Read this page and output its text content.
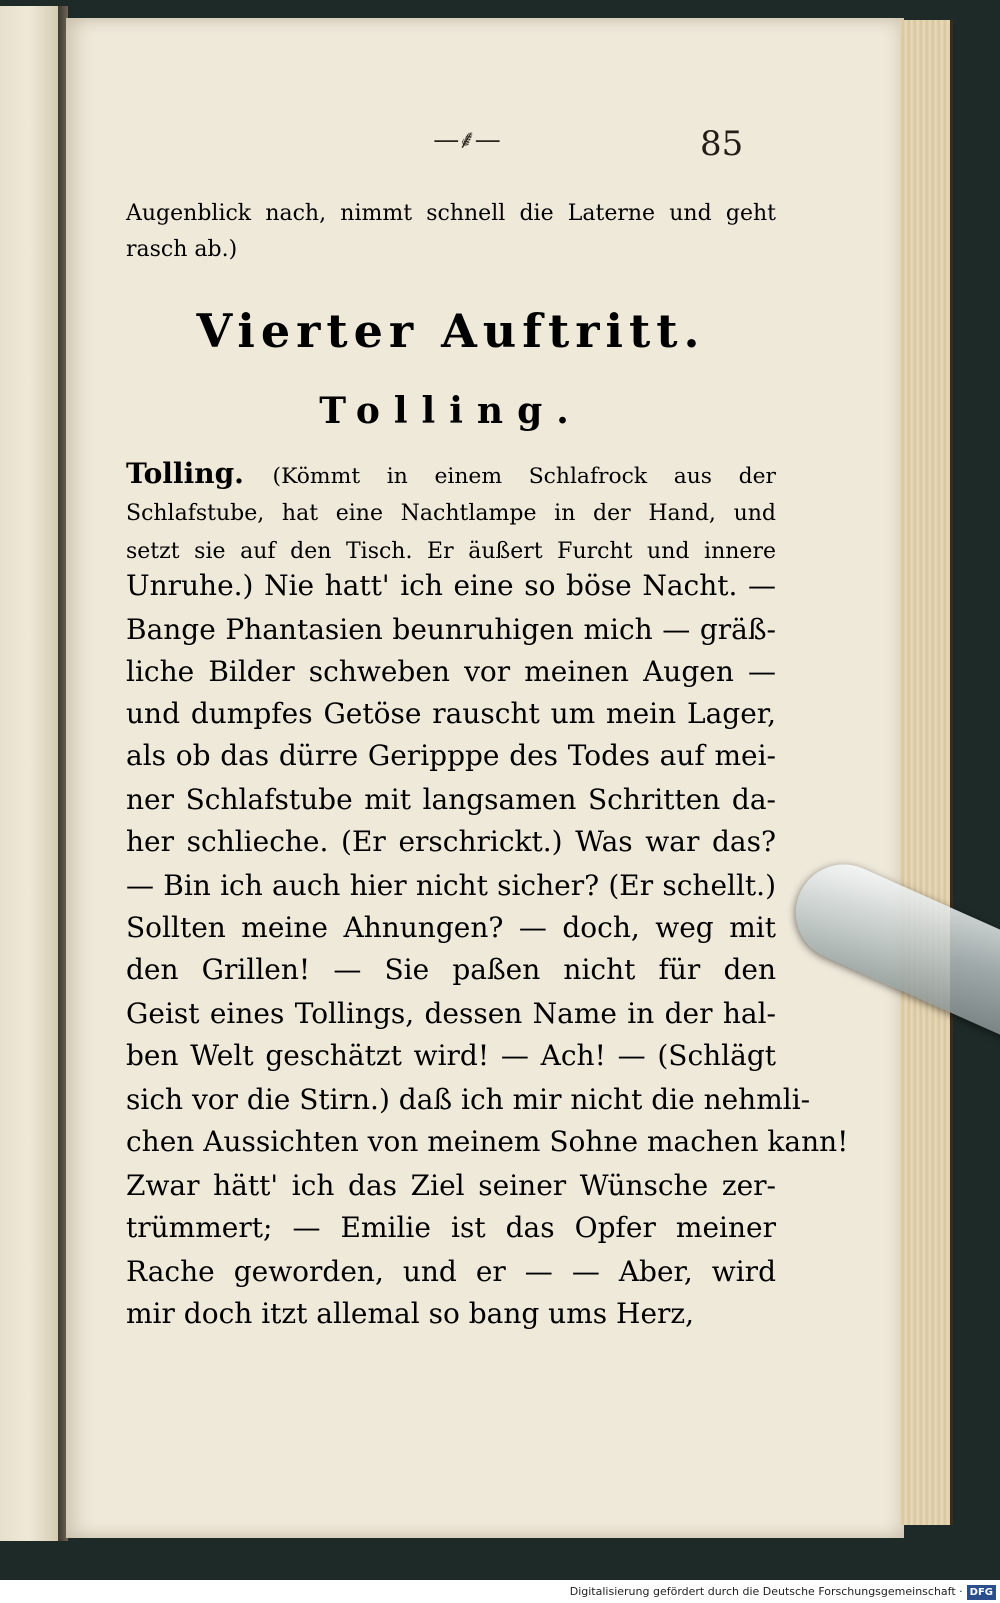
—⸙—	85
Augenblick nach, nimmt schnell die Laterne und geht
rasch ab.)
Vierter Auftritt.
Tolling.
Tolling. (Kömmt in einem Schlafrock aus der
Schlafstube, hat eine Nachtlampe in der Hand, und
setzt sie auf den Tisch. Er äußert Furcht und innere
Unruhe.) Nie hatt' ich eine so böse Nacht. —
Bange Phantasien beunruhigen mich — gräß-
liche Bilder schweben vor meinen Augen —
und dumpfes Getöse rauscht um mein Lager,
als ob das dürre Geripppe des Todes auf mei-
ner Schlafstube mit langsamen Schritten da-
her schlieche. (Er erschrickt.) Was war das?
— Bin ich auch hier nicht sicher? (Er schellt.)
Sollten meine Ahnungen? — doch, weg mit
den Grillen! — Sie paßen nicht für den
Geist eines Tollings, dessen Name in der hal-
ben Welt geschätzt wird! — Ach! — (Schlägt
sich vor die Stirn.) daß ich mir nicht die nehmli-
chen Aussichten von meinem Sohne machen kann!
Zwar hätt' ich das Ziel seiner Wünsche zer-
trümmert; — Emilie ist das Opfer meiner
Rache geworden, und er — — Aber, wird
mir doch itzt allemal so bang ums Herz,
Digitalisierung gefördert durch die Deutsche Forschungsgemeinschaft · DFG
